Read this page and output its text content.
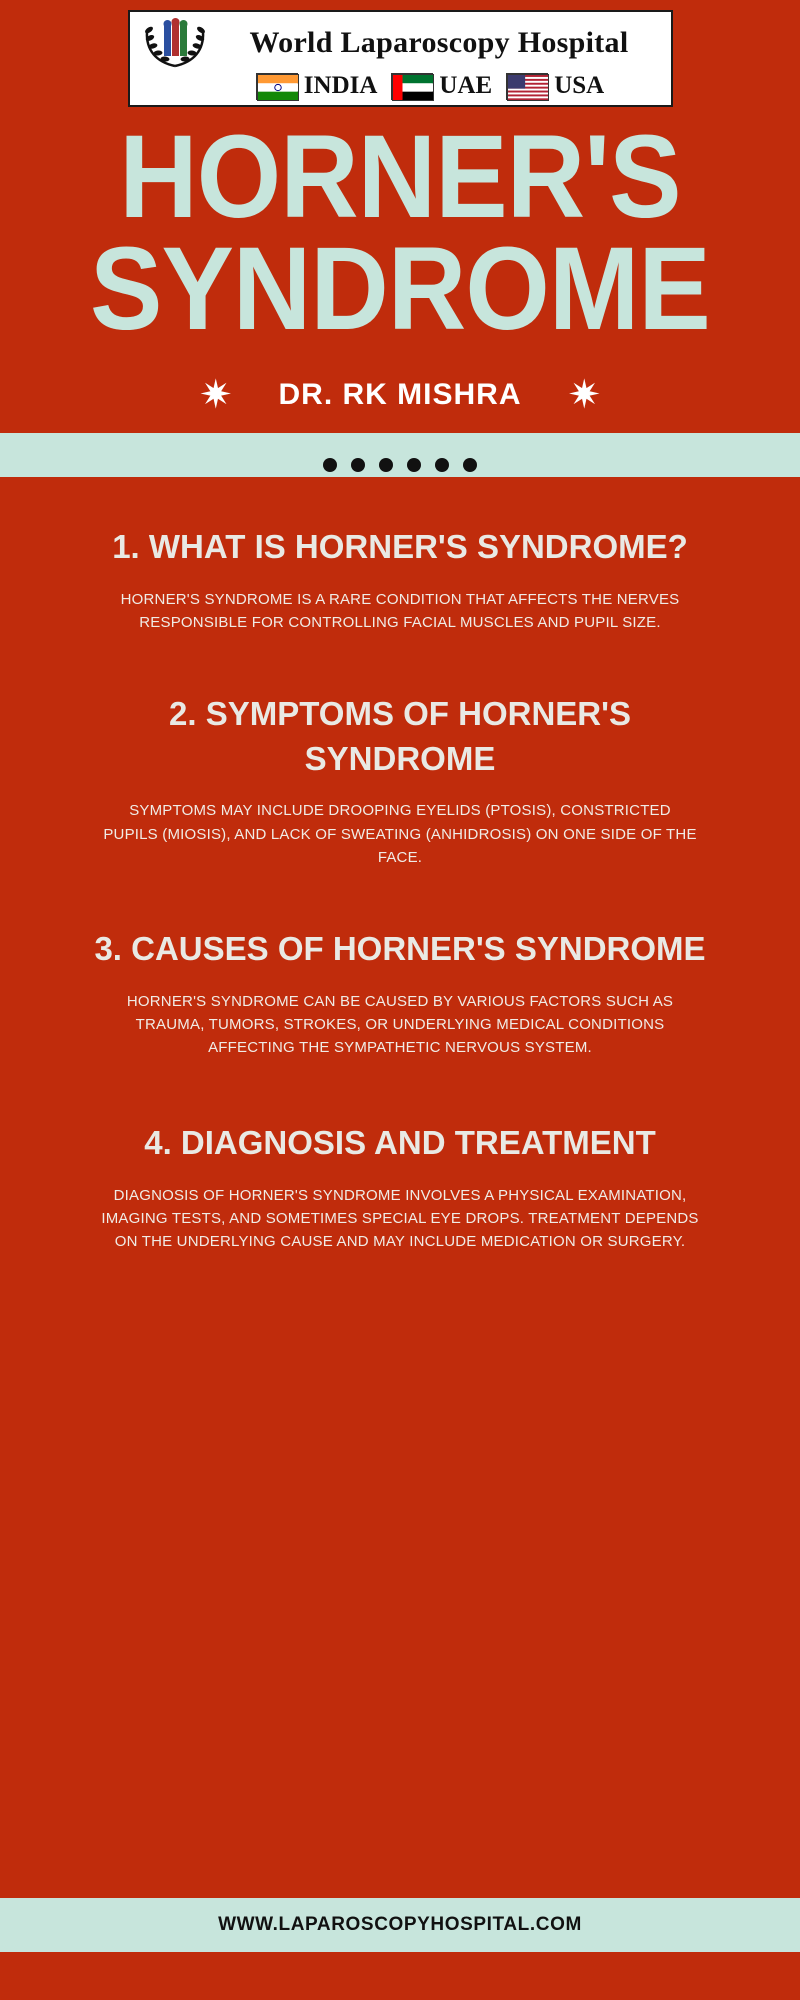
World Laparoscopy Hospital
INDIA UAE USA
HORNER'S
SYNDROME
✷ DR. RK MISHRA ✷
1. WHAT IS HORNER'S SYNDROME?

HORNER'S SYNDROME IS A RARE CONDITION THAT AFFECTS THE NERVES RESPONSIBLE FOR CONTROLLING FACIAL MUSCLES AND PUPIL SIZE.

2. SYMPTOMS OF HORNER'S SYNDROME

SYMPTOMS MAY INCLUDE DROOPING EYELIDS (PTOSIS), CONSTRICTED PUPILS (MIOSIS), AND LACK OF SWEATING (ANHIDROSIS) ON ONE SIDE OF THE FACE.

3. CAUSES OF HORNER'S SYNDROME

HORNER'S SYNDROME CAN BE CAUSED BY VARIOUS FACTORS SUCH AS TRAUMA, TUMORS, STROKES, OR UNDERLYING MEDICAL CONDITIONS AFFECTING THE SYMPATHETIC NERVOUS SYSTEM.

4. DIAGNOSIS AND TREATMENT

DIAGNOSIS OF HORNER'S SYNDROME INVOLVES A PHYSICAL EXAMINATION, IMAGING TESTS, AND SOMETIMES SPECIAL EYE DROPS. TREATMENT DEPENDS ON THE UNDERLYING CAUSE AND MAY INCLUDE MEDICATION OR SURGERY.

WWW.LAPAROSCOPYHOSPITAL.COM
